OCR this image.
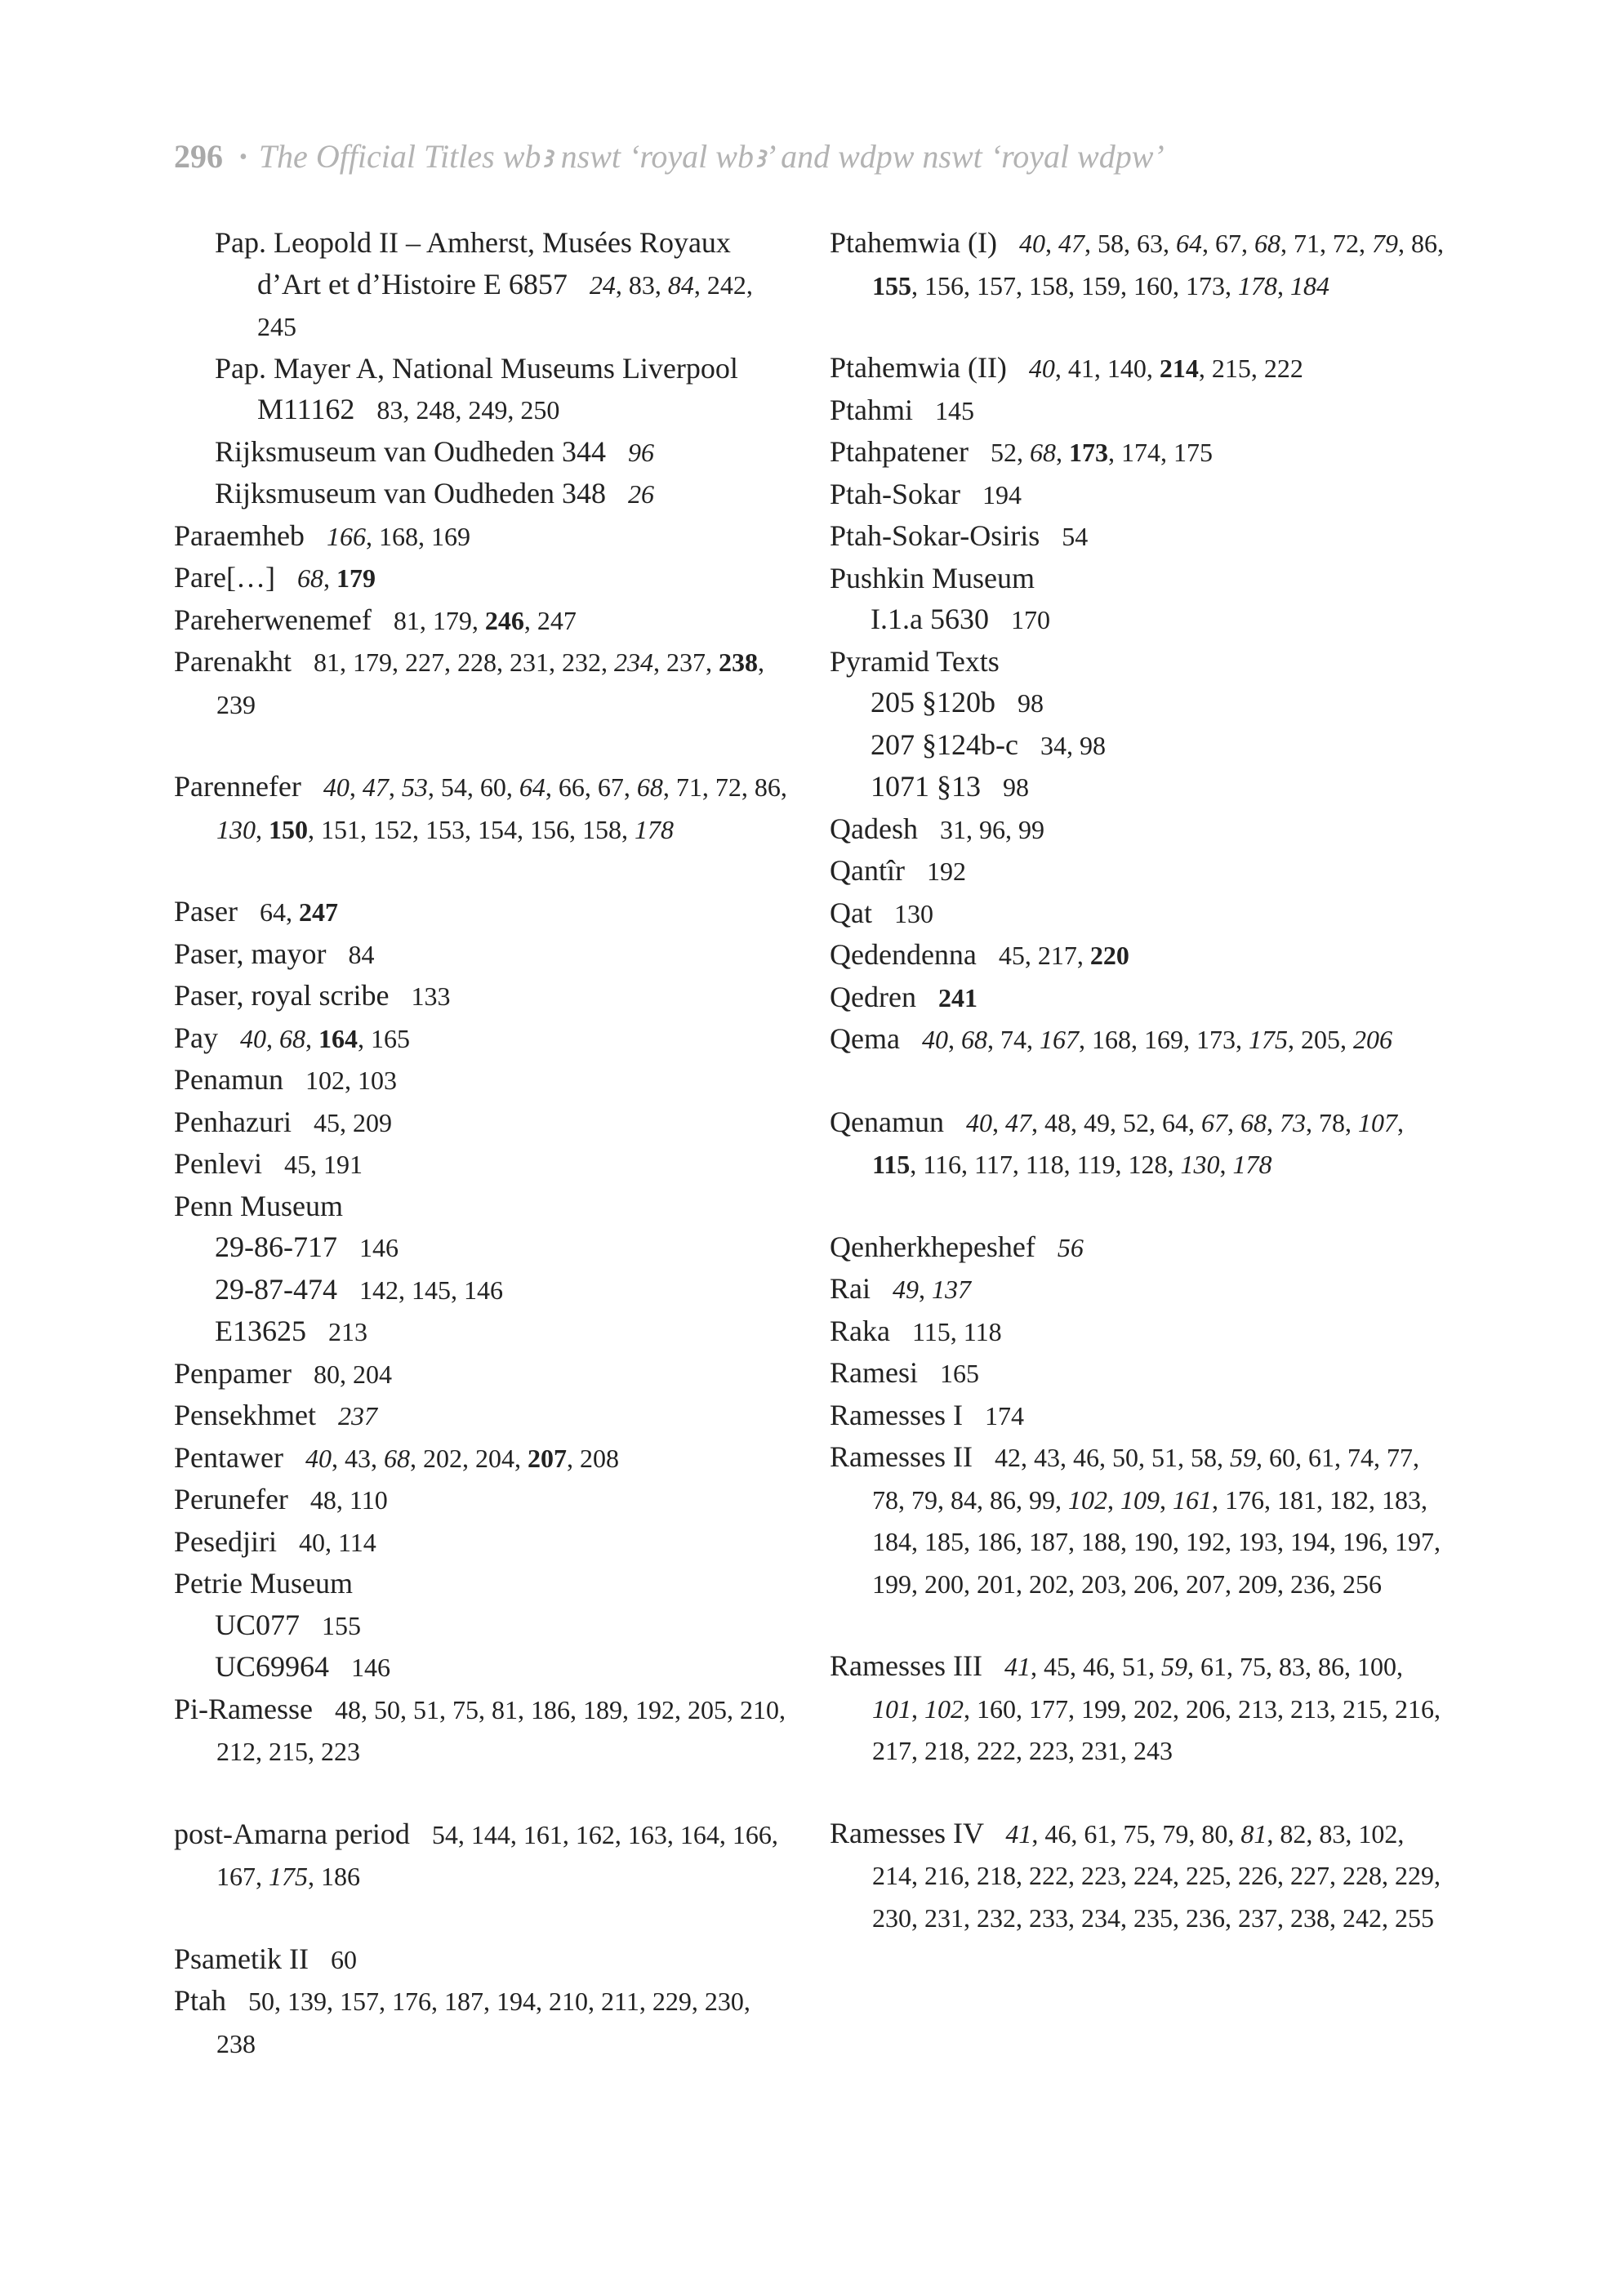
296 • The Official Titles wbꜣ nswt ‘royal wbꜣ’ and wdpw nswt ‘royal wdpw’
Pap. Leopold II – Amherst, Musées Royaux d’Art et d’Histoire E 6857 24, 83, 84, 242, 245
Pap. Mayer A, National Museums Liverpool M11162 83, 248, 249, 250
Rijksmuseum van Oudheden 344 96
Rijksmuseum van Oudheden 348 26
Paraemheb 166, 168, 169
Pare[…] 68, 179
Pareherwenemef 81, 179, 246, 247
Parenakht 81, 179, 227, 228, 231, 232, 234, 237, 238, 239
Parennefer 40, 47, 53, 54, 60, 64, 66, 67, 68, 71, 72, 86, 130, 150, 151, 152, 153, 154, 156, 158, 178
Paser 64, 247
Paser, mayor 84
Paser, royal scribe 133
Pay 40, 68, 164, 165
Penamun 102, 103
Penhazuri 45, 209
Penlevi 45, 191
Penn Museum
29-86-717 146
29-87-474 142, 145, 146
E13625 213
Penpamer 80, 204
Pensekhmet 237
Pentawer 40, 43, 68, 202, 204, 207, 208
Perunefer 48, 110
Pesedjiri 40, 114
Petrie Museum
UC077 155
UC69964 146
Pi-Ramesse 48, 50, 51, 75, 81, 186, 189, 192, 205, 210, 212, 215, 223
post-Amarna period 54, 144, 161, 162, 163, 164, 166, 167, 175, 186
Psametik II 60
Ptah 50, 139, 157, 176, 187, 194, 210, 211, 229, 230, 238
Ptahemwia (I) 40, 47, 58, 63, 64, 67, 68, 71, 72, 79, 86, 155, 156, 157, 158, 159, 160, 173, 178, 184
Ptahemwia (II) 40, 41, 140, 214, 215, 222
Ptahmi 145
Ptahpatener 52, 68, 173, 174, 175
Ptah-Sokar 194
Ptah-Sokar-Osiris 54
Pushkin Museum
I.1.a 5630 170
Pyramid Texts
205 §120b 98
207 §124b-c 34, 98
1071 §13 98
Qadesh 31, 96, 99
Qantîr 192
Qat 130
Qedendenna 45, 217, 220
Qedren 241
Qema 40, 68, 74, 167, 168, 169, 173, 175, 205, 206
Qenamun 40, 47, 48, 49, 52, 64, 67, 68, 73, 78, 107, 115, 116, 117, 118, 119, 128, 130, 178
Qenherkhepeshef 56
Rai 49, 137
Raka 115, 118
Ramesi 165
Ramesses I 174
Ramesses II 42, 43, 46, 50, 51, 58, 59, 60, 61, 74, 77, 78, 79, 84, 86, 99, 102, 109, 161, 176, 181, 182, 183, 184, 185, 186, 187, 188, 190, 192, 193, 194, 196, 197, 199, 200, 201, 202, 203, 206, 207, 209, 236, 256
Ramesses III 41, 45, 46, 51, 59, 61, 75, 83, 86, 100, 101, 102, 160, 177, 199, 202, 206, 213, 213, 215, 216, 217, 218, 222, 223, 231, 243
Ramesses IV 41, 46, 61, 75, 79, 80, 81, 82, 83, 102, 214, 216, 218, 222, 223, 224, 225, 226, 227, 228, 229, 230, 231, 232, 233, 234, 235, 236, 237, 238, 242, 255
